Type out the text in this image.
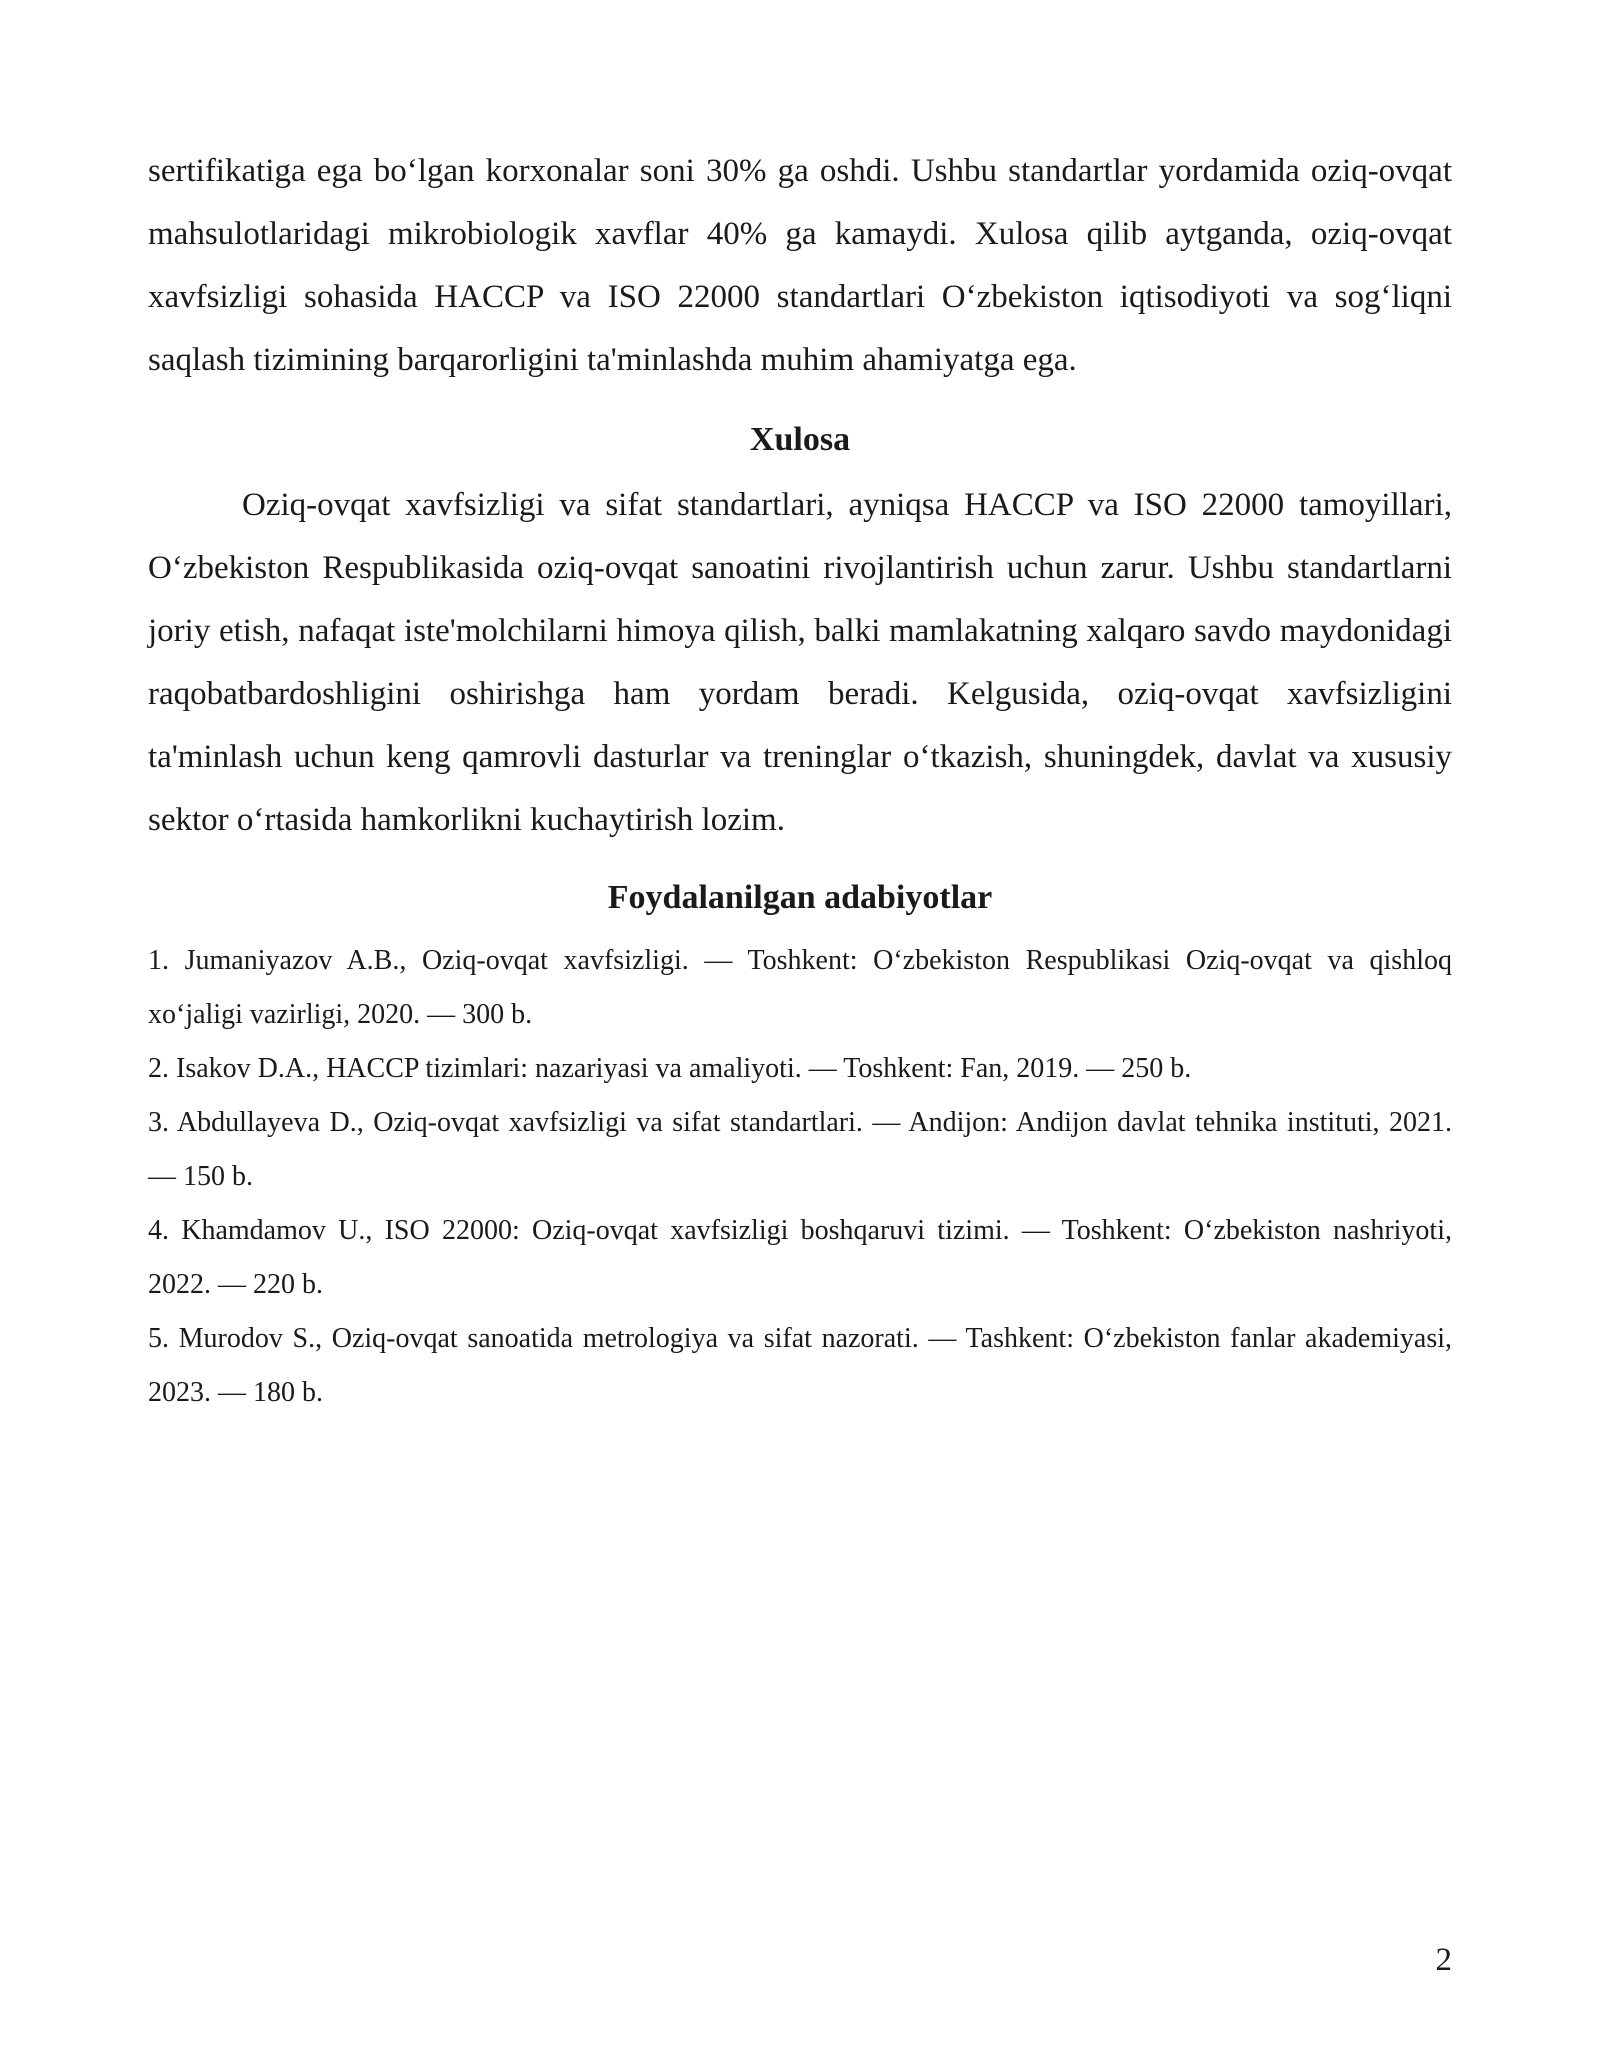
sertifikatiga ega bo‘lgan korxonalar soni 30% ga oshdi. Ushbu standartlar yordamida oziq-ovqat mahsulotlaridagi mikrobiologik xavflar 40% ga kamaydi. Xulosa qilib aytganda, oziq-ovqat xavfsizligi sohasida HACCP va ISO 22000 standartlari O‘zbekiston iqtisodiyoti va sog‘liqni saqlash tizimining barqarorligini ta'minlashda muhim ahamiyatga ega.

Xulosa

Oziq-ovqat xavfsizligi va sifat standartlari, ayniqsa HACCP va ISO 22000 tamoyillari, O‘zbekiston Respublikasida oziq-ovqat sanoatini rivojlantirish uchun zarur. Ushbu standartlarni joriy etish, nafaqat iste'molchilarni himoya qilish, balki mamlakatning xalqaro savdo maydonidagi raqobatbardoshligini oshirishga ham yordam beradi. Kelgusida, oziq-ovqat xavfsizligini ta'minlash uchun keng qamrovli dasturlar va treninglar o‘tkazish, shuningdek, davlat va xususiy sektor o‘rtasida hamkorlikni kuchaytirish lozim.

Foydalanilgan adabiyotlar
1. Jumaniyazov A.B., Oziq-ovqat xavfsizligi. — Toshkent: O‘zbekiston Respublikasi Oziq-ovqat va qishloq xo‘jaligi vazirligi, 2020. — 300 b.
2. Isakov D.A., HACCP tizimlari: nazariyasi va amaliyoti. — Toshkent: Fan, 2019. — 250 b.
3. Abdullayeva D., Oziq-ovqat xavfsizligi va sifat standartlari. — Andijon: Andijon davlat tehnika instituti, 2021. — 150 b.
4. Khamdamov U., ISO 22000: Oziq-ovqat xavfsizligi boshqaruvi tizimi. — Toshkent: O‘zbekiston nashriyoti, 2022. — 220 b.
5. Murodov S., Oziq-ovqat sanoatida metrologiya va sifat nazorati. — Tashkent: O‘zbekiston fanlar akademiyasi, 2023. — 180 b.
2
